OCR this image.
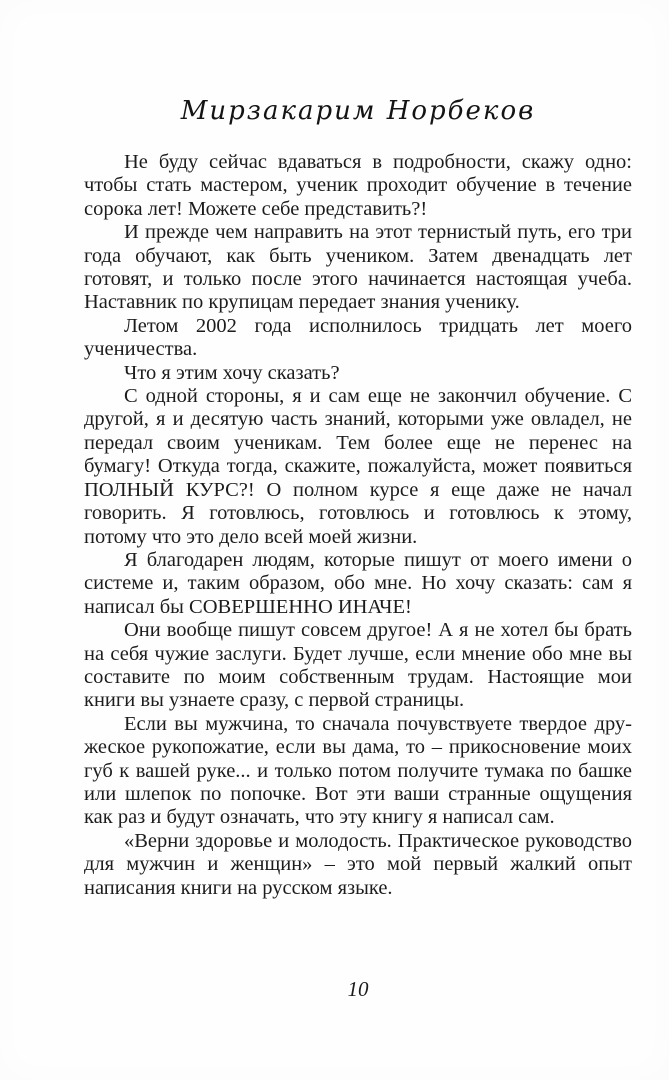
Мирзакарим Норбеков

Не буду сейчас вдаваться в подробности, скажу одно: чтобы стать мастером, ученик проходит обучение в течение сорока лет! Можете себе представить?!

И прежде чем направить на этот тернистый путь, его три года обучают, как быть учеником. Затем двенадцать лет готовят, и только после этого начинается настоящая учеба. Наставник по крупицам передает знания ученику.

Летом 2002 года исполнилось тридцать лет моего ученичества.

Что я этим хочу сказать?

С одной стороны, я и сам еще не закончил обучение. С другой, я и десятую часть знаний, которыми уже овладел, не передал своим ученикам. Тем более еще не перенес на бумагу! Откуда тогда, скажите, пожалуйста, может появиться ПОЛНЫЙ КУРС?! О полном курсе я еще даже не начал говорить. Я готовлюсь, готовлюсь и готовлюсь к этому, потому что это дело всей моей жизни.

Я благодарен людям, которые пишут от моего имени о системе и, таким образом, обо мне. Но хочу сказать: сам я написал бы СОВЕРШЕННО ИНАЧЕ!

Они вообще пишут совсем другое! А я не хотел бы брать на себя чужие заслуги. Будет лучше, если мнение обо мне вы составите по моим собственным трудам. Настоящие мои книги вы узнаете сразу, с первой страницы.

Если вы мужчина, то сначала почувствуете твердое дружеское рукопожатие, если вы дама, то – прикосновение моих губ к вашей руке... и только потом получите тумака по башке или шлепок по попочке. Вот эти ваши странные ощущения как раз и будут означать, что эту книгу я написал сам.

«Верни здоровье и молодость. Практическое руководство для мужчин и женщин» – это мой первый жалкий опыт написания книги на русском языке.

10
